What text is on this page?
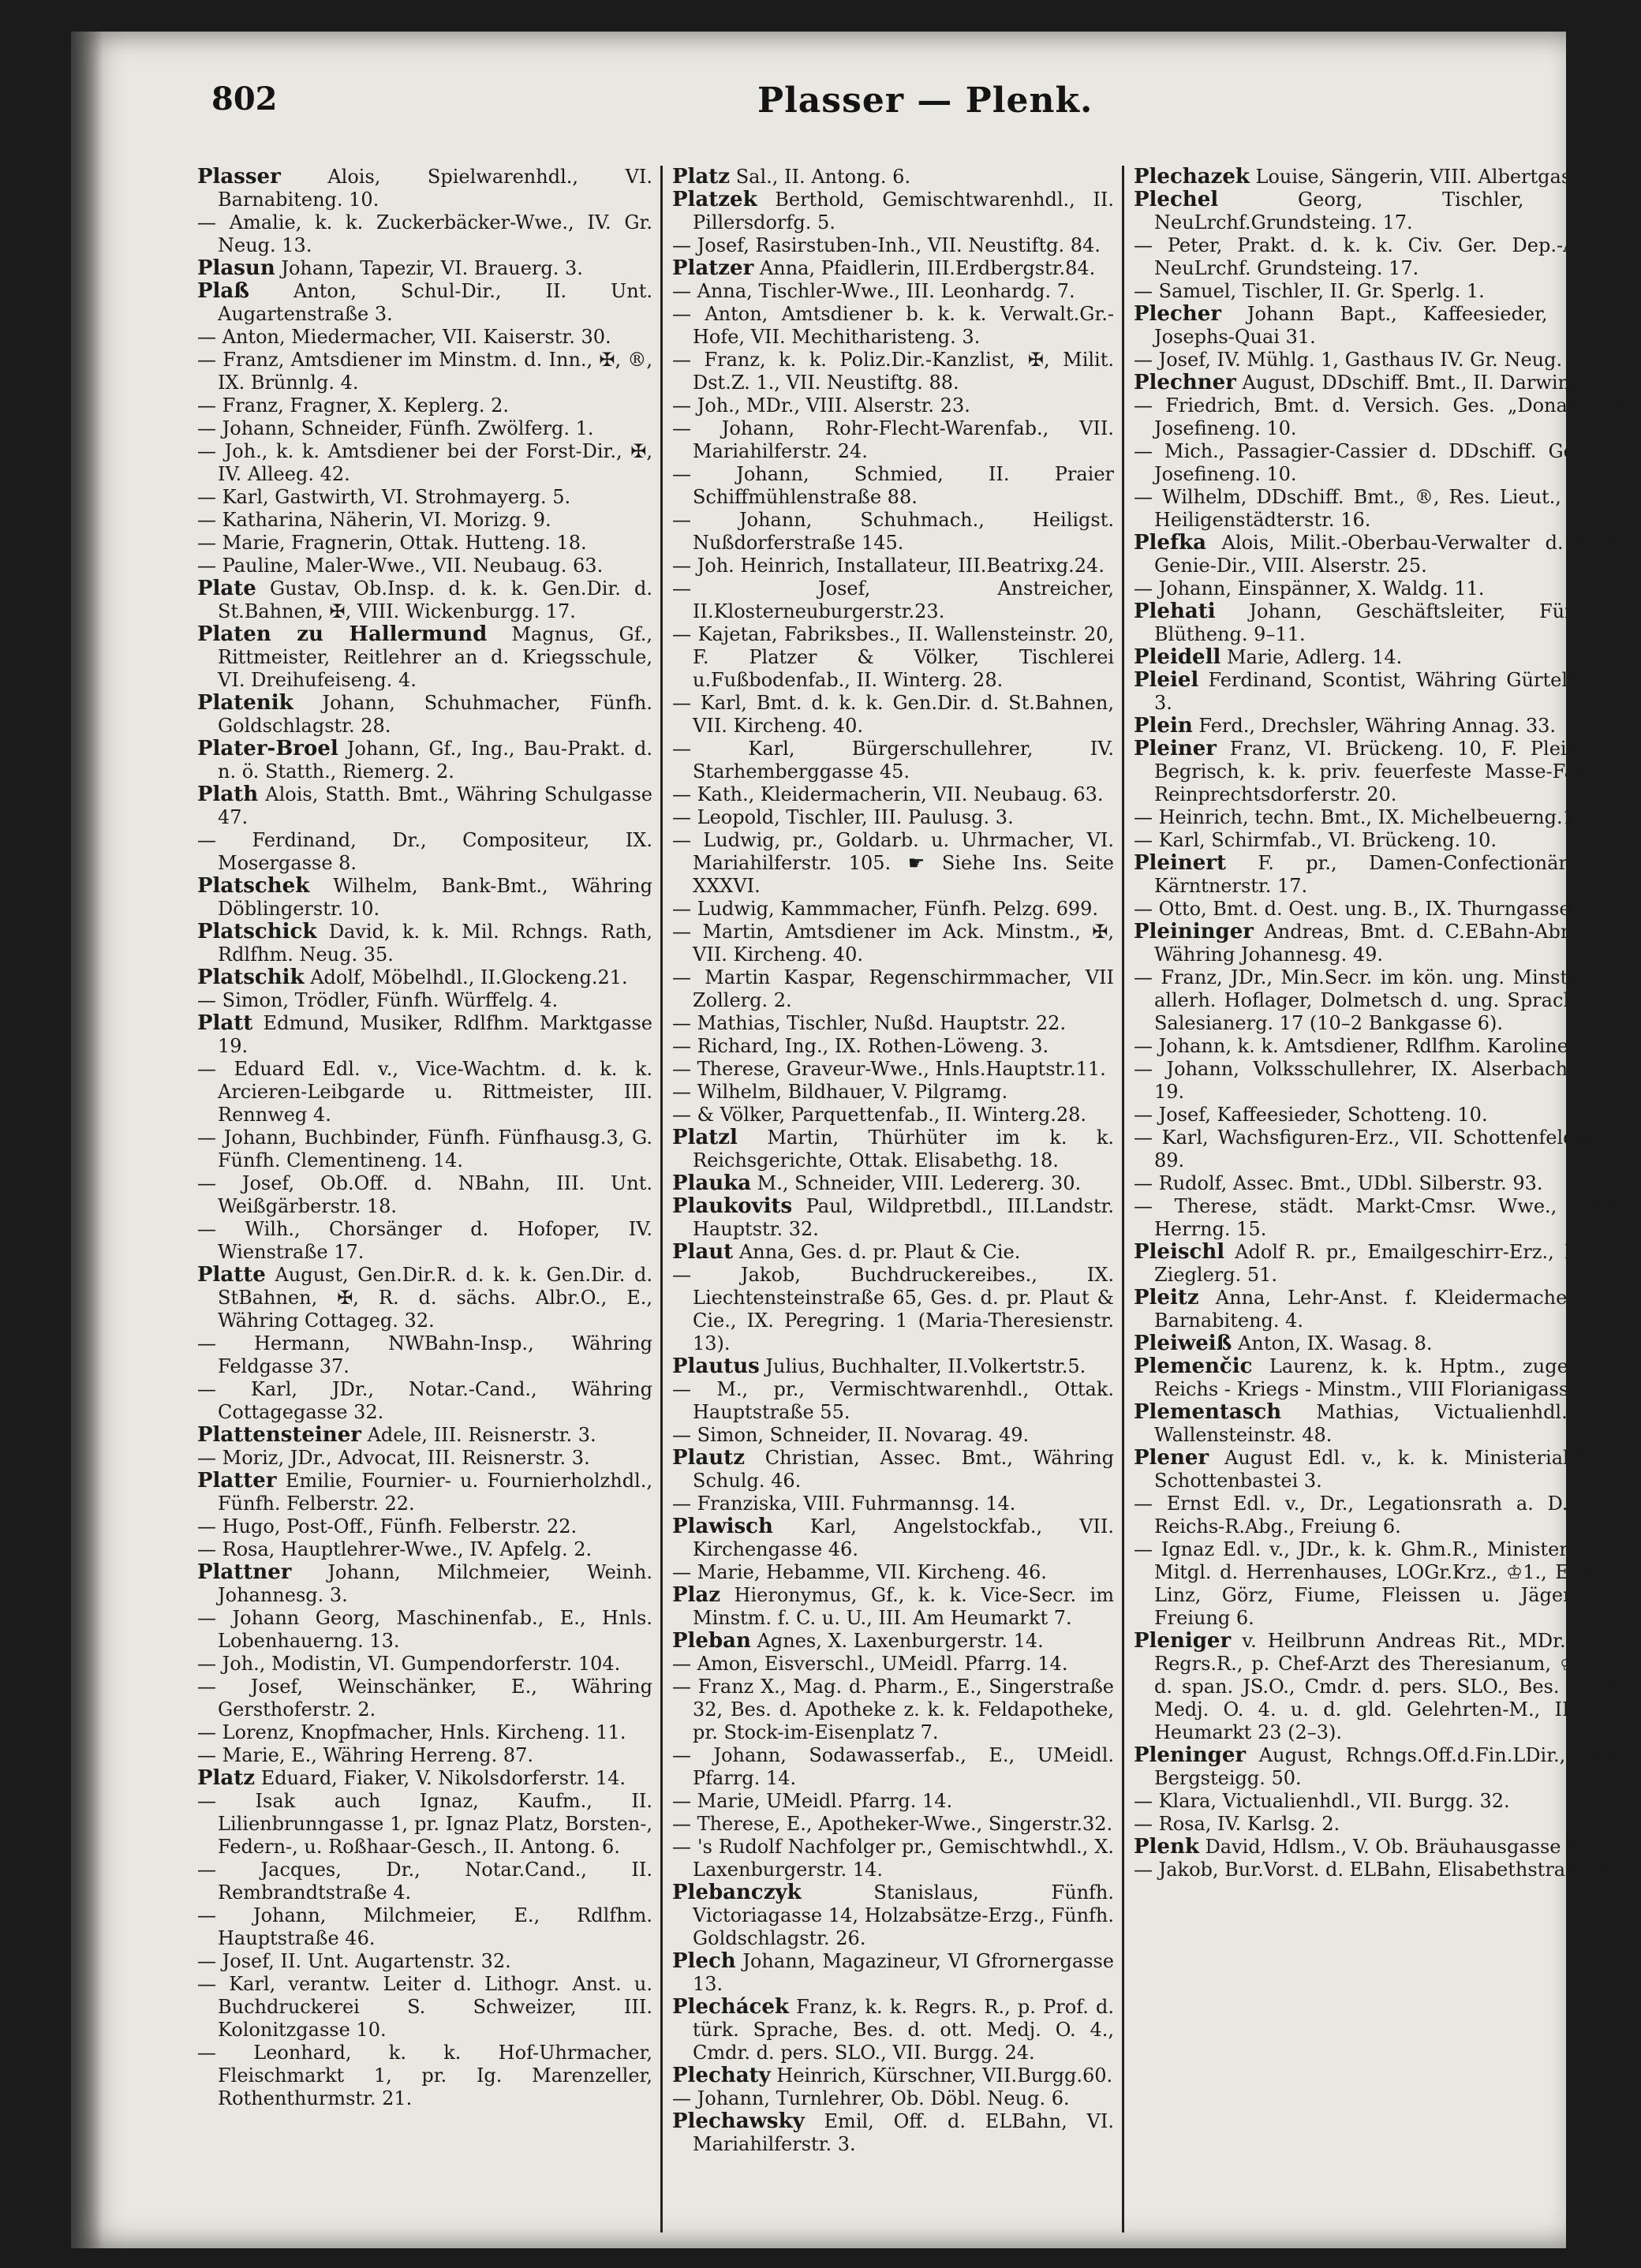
802	Plasser — Plenk.

Plasser Alois, Spielwarenhdl., VI. Barnabiteng. 10.

— Amalie, k. k. Zuckerbäcker-Wwe., IV. Gr. Neug. 13.

Plasun Johann, Tapezir, VI. Brauerg. 3.

Plaß Anton, Schul-Dir., II. Unt. Augartenstraße 3.

— Anton, Miedermacher, VII. Kaiserstr. 30.

— Franz, Amtsdiener im Minstm. d. Inn., ✠, ®, IX. Brünnlg. 4.

— Franz, Fragner, X. Keplerg. 2.

— Johann, Schneider, Fünfh. Zwölferg. 1.

— Joh., k. k. Amtsdiener bei der Forst-Dir., ✠, IV. Alleeg. 42.

— Karl, Gastwirth, VI. Strohmayerg. 5.

— Katharina, Näherin, VI. Morizg. 9.

— Marie, Fragnerin, Ottak. Hutteng. 18.

— Pauline, Maler-Wwe., VII. Neubaug. 63.

Plate Gustav, Ob.Insp. d. k. k. Gen.Dir. d. St.Bahnen, ✠, VIII. Wickenburgg. 17.

Platen zu Hallermund Magnus, Gf., Rittmeister, Reitlehrer an d. Kriegsschule, VI. Dreihufeiseng. 4.

Platenik Johann, Schuhmacher, Fünfh. Goldschlagstr. 28.

Plater-Broel Johann, Gf., Ing., Bau-Prakt. d. n. ö. Statth., Riemerg. 2.

Plath Alois, Statth. Bmt., Währing Schulgasse 47.

— Ferdinand, Dr., Compositeur, IX. Mosergasse 8.

Platschek Wilhelm, Bank-Bmt., Währing Döblingerstr. 10.

Platschick David, k. k. Mil. Rchngs. Rath, Rdlfhm. Neug. 35.

Platschik Adolf, Möbelhdl., II.Glockeng.21.

— Simon, Trödler, Fünfh. Würffelg. 4.

Platt Edmund, Musiker, Rdlfhm. Marktgasse 19.

— Eduard Edl. v., Vice-Wachtm. d. k. k. Arcieren-Leibgarde u. Rittmeister, III. Rennweg 4.

— Johann, Buchbinder, Fünfh. Fünfhausg.3, G. Fünfh. Clementineng. 14.

— Josef, Ob.Off. d. NBahn, III. Unt. Weißgärberstr. 18.

— Wilh., Chorsänger d. Hofoper, IV. Wienstraße 17.

Platte August, Gen.Dir.R. d. k. k. Gen.Dir. d. StBahnen, ✠, R. d. sächs. Albr.O., E., Währing Cottageg. 32.

— Hermann, NWBahn-Insp., Währing Feldgasse 37.

— Karl, JDr., Notar.-Cand., Währing Cottagegasse 32.

Plattensteiner Adele, III. Reisnerstr. 3.

— Moriz, JDr., Advocat, III. Reisnerstr. 3.

Platter Emilie, Fournier- u. Fournierholzhdl., Fünfh. Felberstr. 22.

— Hugo, Post-Off., Fünfh. Felberstr. 22.

— Rosa, Hauptlehrer-Wwe., IV. Apfelg. 2.

Plattner Johann, Milchmeier, Weinh. Johannesg. 3.

— Johann Georg, Maschinenfab., E., Hnls. Lobenhauerng. 13.

— Joh., Modistin, VI. Gumpendorferstr. 104.

— Josef, Weinschänker, E., Währing Gersthoferstr. 2.

— Lorenz, Knopfmacher, Hnls. Kircheng. 11.

— Marie, E., Währing Herreng. 87.

Platz Eduard, Fiaker, V. Nikolsdorferstr. 14.

— Isak auch Ignaz, Kaufm., II. Lilienbrunngasse 1, pr. Ignaz Platz, Borsten-, Federn-, u. Roßhaar-Gesch., II. Antong. 6.

— Jacques, Dr., Notar.Cand., II. Rembrandtstraße 4.

— Johann, Milchmeier, E., Rdlfhm. Hauptstraße 46.

— Josef, II. Unt. Augartenstr. 32.

— Karl, verantw. Leiter d. Lithogr. Anst. u. Buchdruckerei S. Schweizer, III. Kolonitzgasse 10.

— Leonhard, k. k. Hof-Uhrmacher, Fleischmarkt 1, pr. Ig. Marenzeller, Rothenthurmstr. 21.

Platz Sal., II. Antong. 6.

Platzek Berthold, Gemischtwarenhdl., II. Pillersdorfg. 5.

— Josef, Rasirstuben-Inh., VII. Neustiftg. 84.

Platzer Anna, Pfaidlerin, III.Erdbergstr.84.

— Anna, Tischler-Wwe., III. Leonhardg. 7.

— Anton, Amtsdiener b. k. k. Verwalt.Gr.-Hofe, VII. Mechitharisteng. 3.

— Franz, k. k. Poliz.Dir.-Kanzlist, ✠, Milit. Dst.Z. 1., VII. Neustiftg. 88.

— Joh., MDr., VIII. Alserstr. 23.

— Johann, Rohr-Flecht-Warenfab., VII. Mariahilferstr. 24.

— Johann, Schmied, II. Praier Schiffmühlenstraße 88.

— Johann, Schuhmach., Heiligst. Nußdorferstraße 145.

— Joh. Heinrich, Installateur, III.Beatrixg.24.

— Josef, Anstreicher, II.Klosterneuburgerstr.23.

— Kajetan, Fabriksbes., II. Wallensteinstr. 20, F. Platzer & Völker, Tischlerei u.Fußbodenfab., II. Winterg. 28.

— Karl, Bmt. d. k. k. Gen.Dir. d. St.Bahnen, VII. Kircheng. 40.

— Karl, Bürgerschullehrer, IV. Starhemberggasse 45.

— Kath., Kleidermacherin, VII. Neubaug. 63.

— Leopold, Tischler, III. Paulusg. 3.

— Ludwig, pr., Goldarb. u. Uhrmacher, VI. Mariahilferstr. 105. ☛ Siehe Ins. Seite XXXVI.

— Ludwig, Kammmacher, Fünfh. Pelzg. 699.

— Martin, Amtsdiener im Ack. Minstm., ✠, VII. Kircheng. 40.

— Martin Kaspar, Regenschirmmacher, VII Zollerg. 2.

— Mathias, Tischler, Nußd. Hauptstr. 22.

— Richard, Ing., IX. Rothen-Löweng. 3.

— Therese, Graveur-Wwe., Hnls.Hauptstr.11.

— Wilhelm, Bildhauer, V. Pilgramg.

— & Völker, Parquettenfab., II. Winterg.28.

Platzl Martin, Thürhüter im k. k. Reichsgerichte, Ottak. Elisabethg. 18.

Plauka M., Schneider, VIII. Ledererg. 30.

Plaukovits Paul, Wildpretbdl., III.Landstr. Hauptstr. 32.

Plaut Anna, Ges. d. pr. Plaut & Cie.

— Jakob, Buchdruckereibes., IX. Liechtensteinstraße 65, Ges. d. pr. Plaut & Cie., IX. Peregring. 1 (Maria-Theresienstr. 13).

Plautus Julius, Buchhalter, II.Volkertstr.5.

— M., pr., Vermischtwarenhdl., Ottak. Hauptstraße 55.

— Simon, Schneider, II. Novarag. 49.

Plautz Christian, Assec. Bmt., Währing Schulg. 46.

— Franziska, VIII. Fuhrmannsg. 14.

Plawisch Karl, Angelstockfab., VII. Kirchengasse 46.

— Marie, Hebamme, VII. Kircheng. 46.

Plaz Hieronymus, Gf., k. k. Vice-Secr. im Minstm. f. C. u. U., III. Am Heumarkt 7.

Pleban Agnes, X. Laxenburgerstr. 14.

— Amon, Eisverschl., UMeidl. Pfarrg. 14.

— Franz X., Mag. d. Pharm., E., Singerstraße 32, Bes. d. Apotheke z. k. k. Feldapotheke, pr. Stock-im-Eisenplatz 7.

— Johann, Sodawasserfab., E., UMeidl. Pfarrg. 14.

— Marie, UMeidl. Pfarrg. 14.

— Therese, E., Apotheker-Wwe., Singerstr.32.

— 's Rudolf Nachfolger pr., Gemischtwhdl., X. Laxenburgerstr. 14.

Plebanczyk Stanislaus, Fünfh. Victoriagasse 14, Holzabsätze-Erzg., Fünfh. Goldschlagstr. 26.

Plech Johann, Magazineur, VI Gfrornergasse 13.

Plechácek Franz, k. k. Regrs. R., p. Prof. d. türk. Sprache, Bes. d. ott. Medj. O. 4., Cmdr. d. pers. SLO., VII. Burgg. 24.

Plechaty Heinrich, Kürschner, VII.Burgg.60.

— Johann, Turnlehrer, Ob. Döbl. Neug. 6.

Plechawsky Emil, Off. d. ELBahn, VI. Mariahilferstr. 3.

Plechazek Louise, Sängerin, VIII. Albertgasse 25.

Plechel Georg, Tischler, E., NeuLrchf.Grundsteing. 17.

— Peter, Prakt. d. k. k. Civ. Ger. Dep.-Amtes, NeuLrchf. Grundsteing. 17.

— Samuel, Tischler, II. Gr. Sperlg. 1.

Plecher Johann Bapt., Kaffeesieder, Franz Josephs-Quai 31.

— Josef, IV. Mühlg. 1, Gasthaus IV. Gr. Neug. 18.

Plechner August, DDschiff. Bmt., II. Darwing. 30.

— Friedrich, Bmt. d. Versich. Ges. „Donau“, II. Josefineng. 10.

— Mich., Passagier-Cassier d. DDschiff. Ges., II. Josefineng. 10.

— Wilhelm, DDschiff. Bmt., ®, Res. Lieut., Grinz. Heiligenstädterstr. 16.

Plefka Alois, Milit.-Oberbau-Verwalter d. k. k. Genie-Dir., VIII. Alserstr. 25.

— Johann, Einspänner, X. Waldg. 11.

Plehati Johann, Geschäftsleiter, Fünfhaus Blütheng. 9–11.

Pleidell Marie, Adlerg. 14.

Pleiel Ferdinand, Scontist, Währing Gürtelstraße 3.

Plein Ferd., Drechsler, Währing Annag. 33.

Pleiner Franz, VI. Brückeng. 10, F. Pleiner & Begrisch, k. k. priv. feuerfeste Masse-Fab., V. Reinprechtsdorferstr. 20.

— Heinrich, techn. Bmt., IX. Michelbeuerng.1.

— Karl, Schirmfab., VI. Brückeng. 10.

Pleinert F. pr., Damen-Confectionär, E., Kärntnerstr. 17.

— Otto, Bmt. d. Oest. ung. B., IX. Thurngasse 5.

Pleininger Andreas, Bmt. d. C.EBahn-Abr. Bur., Währing Johannesg. 49.

— Franz, JDr., Min.Secr. im kön. ung. Minstm. am allerh. Hoflager, Dolmetsch d. ung. Sprache, III. Salesianerg. 17 (10–2 Bankgasse 6).

— Johann, k. k. Amtsdiener, Rdlfhm. Karolineng. 3.

— Johann, Volksschullehrer, IX. Alserbachstraße 19.

— Josef, Kaffeesieder, Schotteng. 10.

— Karl, Wachsfiguren-Erz., VII. Schottenfeldgasse 89.

— Rudolf, Assec. Bmt., UDbl. Silberstr. 93.

— Therese, städt. Markt-Cmsr. Wwe., Hnls. Herrng. 15.

Pleischl Adolf R. pr., Emailgeschirr-Erz., E., VII Zieglerg. 51.

Pleitz Anna, Lehr-Anst. f. Kleidermachen, VI. Barnabiteng. 4.

Pleiweiß Anton, IX. Wasag. 8.

Plemenčic Laurenz, k. k. Hptm., zugeth. d. Reichs - Kriegs - Minstm., VIII Florianigasse 10.

Plementasch Mathias, Victualienhdl., II. Wallensteinstr. 48.

Plener August Edl. v., k. k. Ministerial-Secr., Schottenbastei 3.

— Ernst Edl. v., Dr., Legationsrath a. D., ♔3., Reichs-R.Abg., Freiung 6.

— Ignaz Edl. v., JDr., k. k. Ghm.R., Minister a. D., Mitgl. d. Herrenhauses, LOGr.Krz., ♔1., Ehgr. v. Linz, Görz, Fiume, Fleissen u. Jägerndorf, Freiung 6.

Pleniger v. Heilbrunn Andreas Rit., MDr., k. k. Regrs.R., p. Chef-Arzt des Theresianum, ♔3., C. d. span. JS.O., Cmdr. d. pers. SLO., Bes. d. ott. Medj. O. 4. u. d. gld. Gelehrten-M., III. Am Heumarkt 23 (2–3).

Pleninger August, Rchngs.Off.d.Fin.LDir., Hnls. Bergsteigg. 50.

— Klara, Victualienhdl., VII. Burgg. 32.

— Rosa, IV. Karlsg. 2.

Plenk David, Hdlsm., V. Ob. Bräuhausgasse 8.

— Jakob, Bur.Vorst. d. ELBahn, Elisabethstraße 9.
